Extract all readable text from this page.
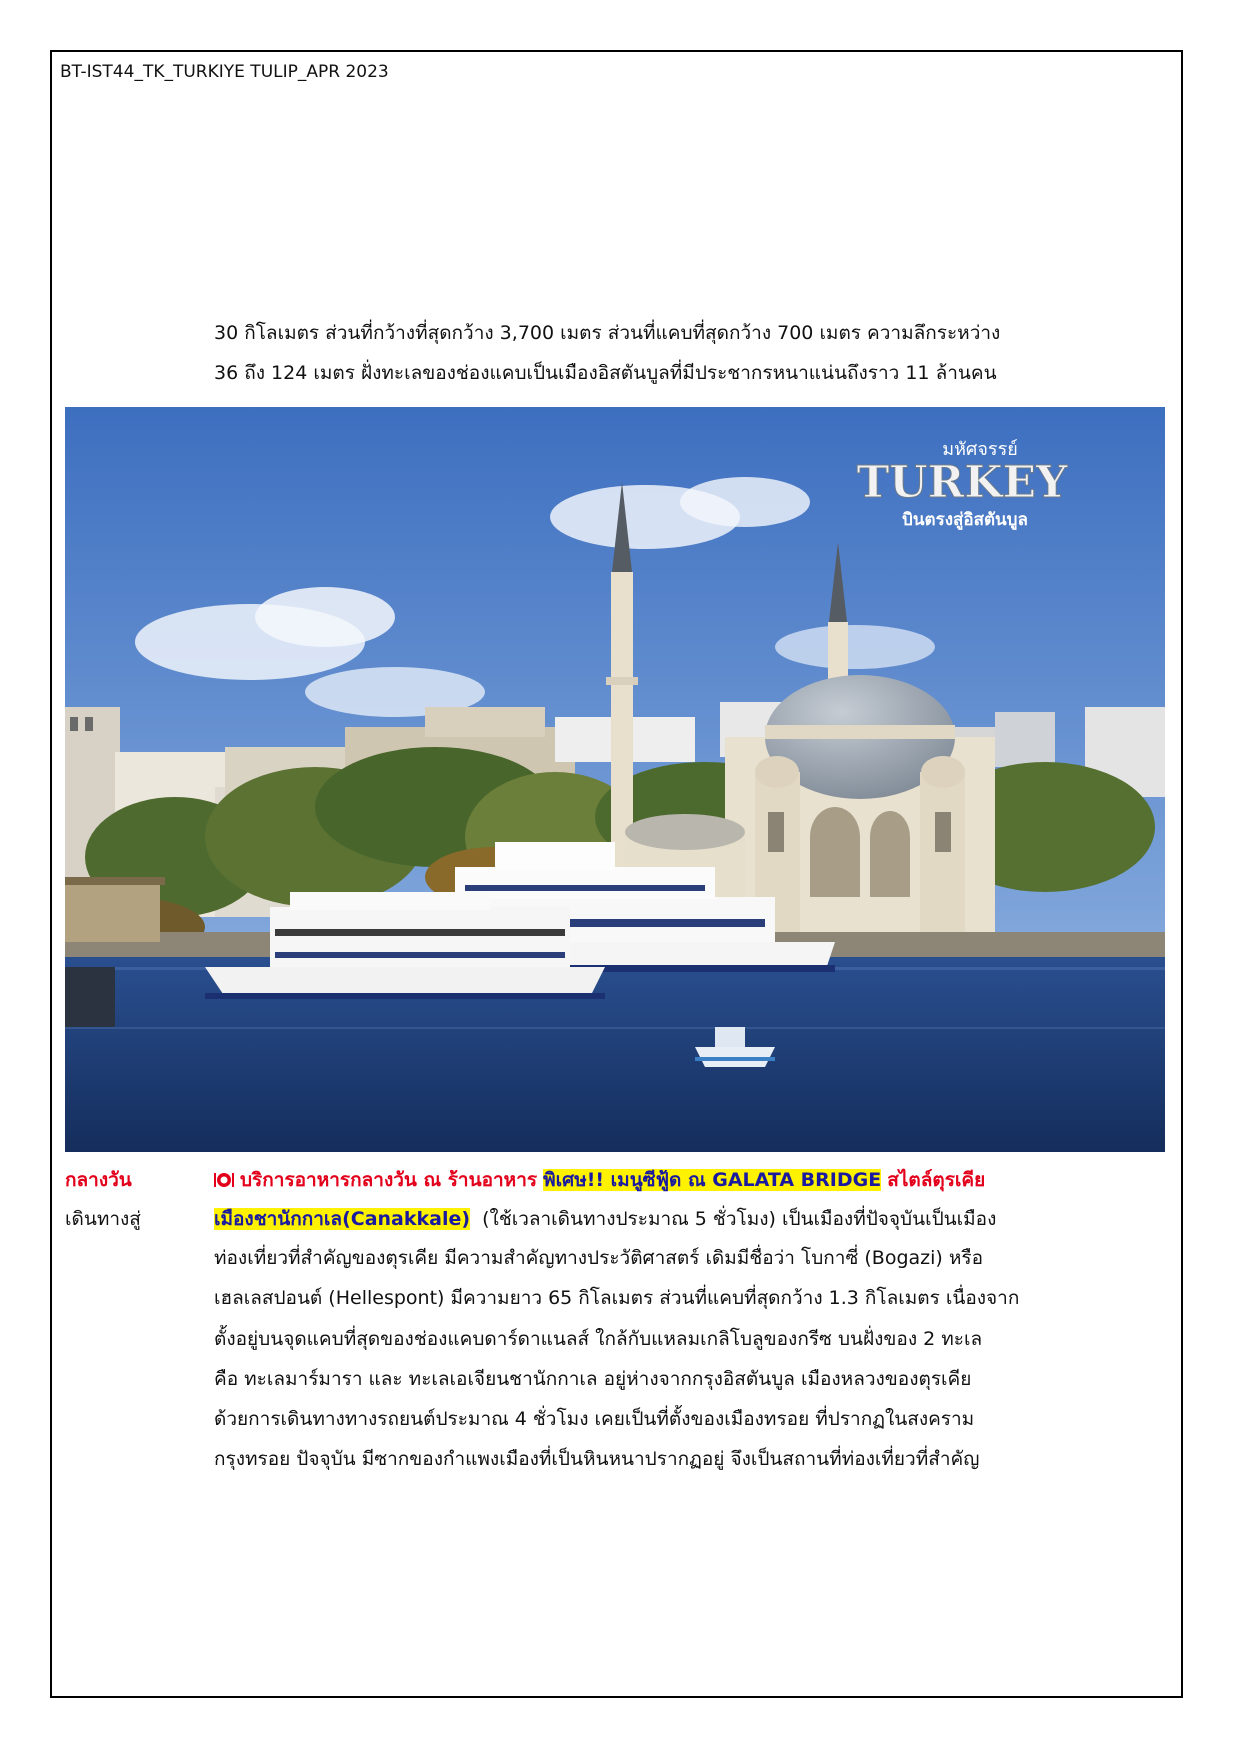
BT-IST44_TK_TURKIYE TULIP_APR 2023
30 กิโลเมตร ส่วนที่กว้างที่สุดกว้าง 3,700 เมตร ส่วนที่แคบที่สุดกว้าง 700 เมตร ความลึกระหว่าง
36 ถึง 124 เมตร ฝั่งทะเลของช่องแคบเป็นเมืองอิสตันบูลที่มีประชากรหนาแน่นถึงราว 11 ล้านคน
มหัศจรรย์
TURKEY
บินตรงสู่อิสตันบูล
กลางวัน	บริการอาหารกลางวัน ณ ร้านอาหาร พิเศษ!! เมนูซีฟู้ด ณ GALATA BRIDGE สไตล์ตุรเคีย
เดินทางสู่	เมืองชานักกาเล(Canakkale)  (ใช้เวลาเดินทางประมาณ 5 ชั่วโมง) เป็นเมืองที่ปัจจุบันเป็นเมือง
ท่องเที่ยวที่สำคัญของตุรเคีย มีความสำคัญทางประวัติศาสตร์ เดิมมีชื่อว่า โบกาซี่ (Bogazi) หรือ
เฮลเลสปอนต์ (Hellespont) มีความยาว 65 กิโลเมตร ส่วนที่แคบที่สุดกว้าง 1.3 กิโลเมตร เนื่องจาก
ตั้งอยู่บนจุดแคบที่สุดของช่องแคบดาร์ดาแนลส์ ใกล้กับแหลมเกลิโบลูของกรีซ บนฝั่งของ 2 ทะเล
คือ ทะเลมาร์มารา และ ทะเลเอเจียนชานักกาเล อยู่ห่างจากกรุงอิสตันบูล เมืองหลวงของตุรเคีย
ด้วยการเดินทางทางรถยนต์ประมาณ 4 ชั่วโมง เคยเป็นที่ตั้งของเมืองทรอย ที่ปรากฏในสงคราม
กรุงทรอย ปัจจุบัน มีซากของกำแพงเมืองที่เป็นหินหนาปรากฏอยู่ จึงเป็นสถานที่ท่องเที่ยวที่สำคัญ
